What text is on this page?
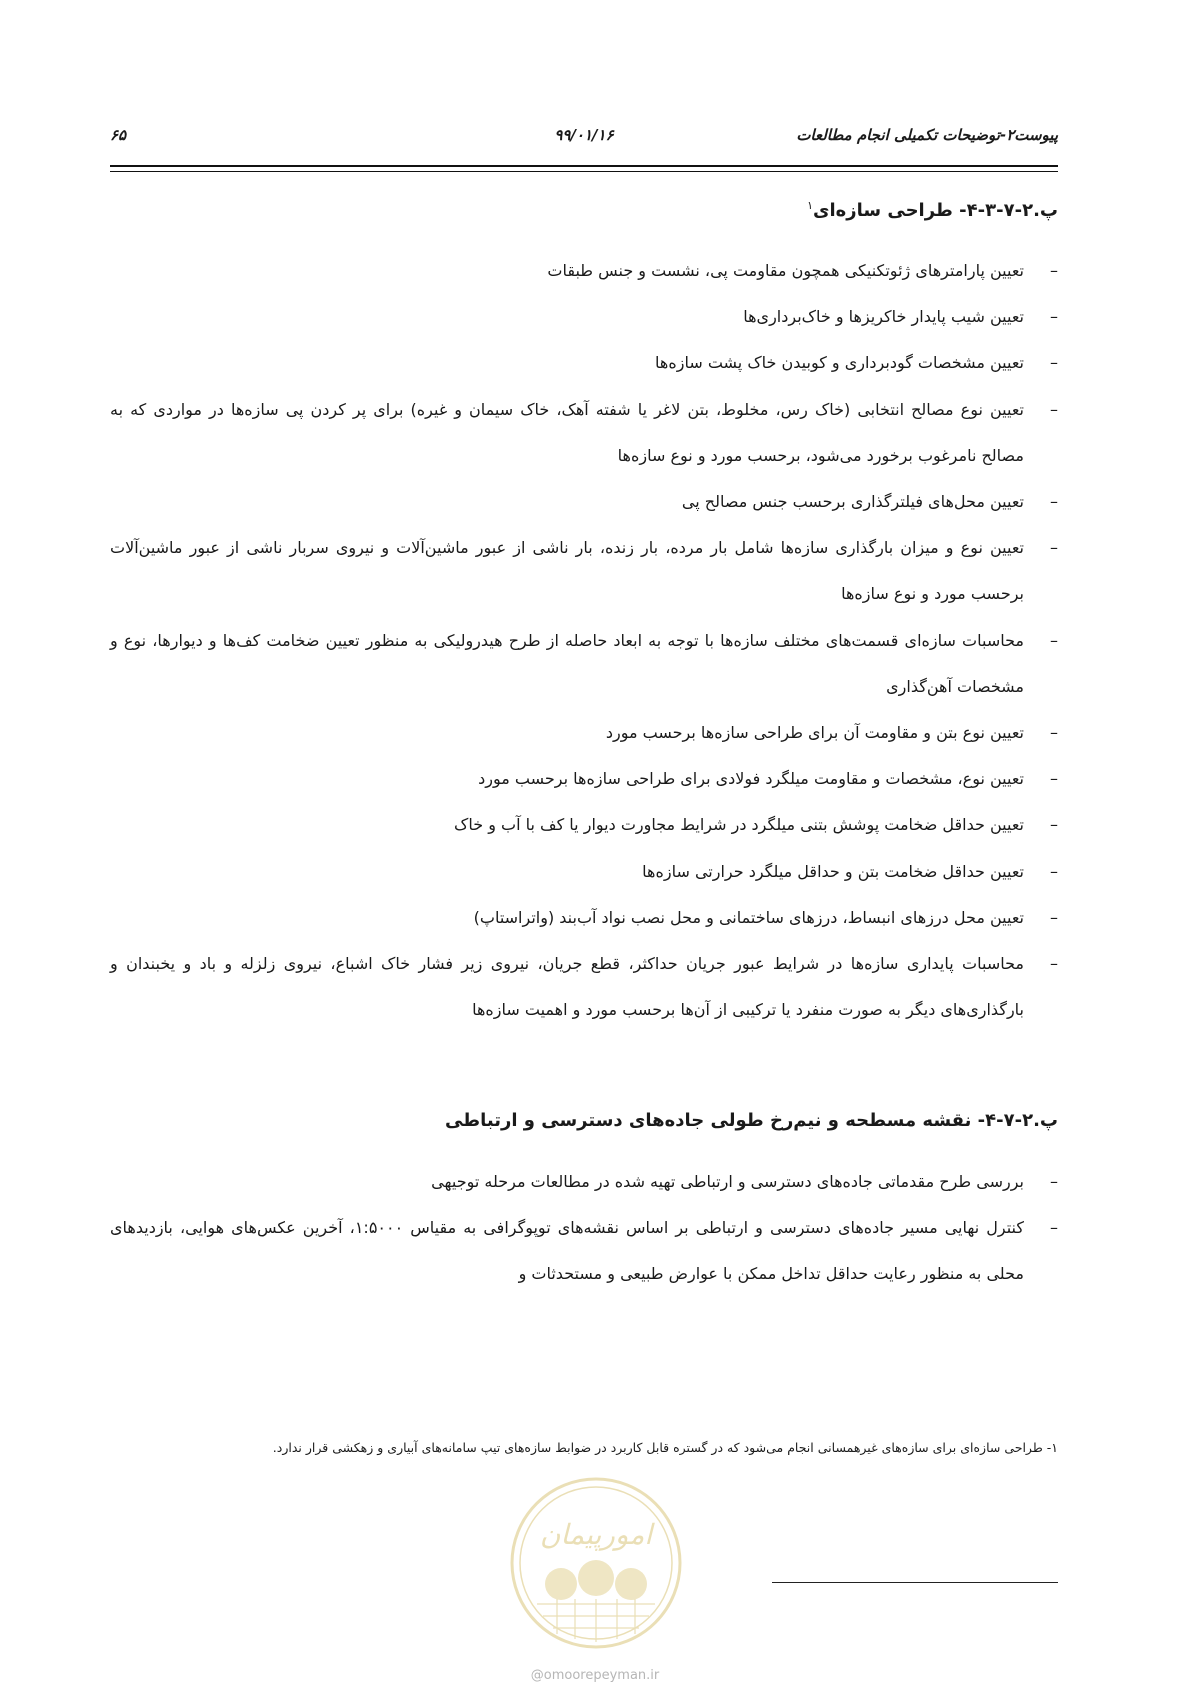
پیوست۲-توضیحات تکمیلی انجام مطالعات
۹۹/۰۱/۱۶
۶۵
پ.۲-۷-۳-۴- طراحی سازه‌ای$^۱$
–
تعیین پارامترهای ژئوتکنیکی همچون مقاومت پی، نشست و جنس طبقات
–
تعیین شیب پایدار خاکریزها و خاک‌برداری‌ها
–
تعیین مشخصات گودبرداری و کوبیدن خاک پشت سازه‌ها
–
تعیین نوع مصالح انتخابی (خاک رس، مخلوط، بتن لاغر یا شفته آهک، خاک سیمان و غیره) برای پر کردن پی سازه‌ها در مواردی که به مصالح نامرغوب برخورد می‌شود، برحسب مورد و نوع سازه‌ها
–
تعیین محل‌های فیلترگذاری برحسب جنس مصالح پی
–
تعیین نوع و میزان بارگذاری سازه‌ها شامل بار مرده، بار زنده، بار ناشی از عبور ماشین‌آلات و نیروی سربار ناشی از عبور ماشین‌آلات برحسب مورد و نوع سازه‌ها
–
محاسبات سازه‌ای قسمت‌های مختلف سازه‌ها با توجه به ابعاد حاصله از طرح هیدرولیکی به منظور تعیین ضخامت کف‌ها و دیوارها، نوع و مشخصات آهن‌گذاری
–
تعیین نوع بتن و مقاومت آن برای طراحی سازه‌ها برحسب مورد
–
تعیین نوع، مشخصات و مقاومت میلگرد فولادی برای طراحی سازه‌ها برحسب مورد
–
تعیین حداقل ضخامت پوشش بتنی میلگرد در شرایط مجاورت دیوار یا کف با آب و خاک
–
تعیین حداقل ضخامت بتن و حداقل میلگرد حرارتی سازه‌ها
–
تعیین محل درزهای انبساط، درزهای ساختمانی و محل نصب نواد آب‌بند (واتراستاپ)
–
محاسبات پایداری سازه‌ها در شرایط عبور جریان حداکثر، قطع جریان، نیروی زیر فشار خاک اشباع، نیروی زلزله و باد و یخبندان و بارگذاری‌های دیگر به صورت منفرد یا ترکیبی از آن‌ها برحسب مورد و اهمیت سازه‌ها
پ.۲-۷-۴- نقشه مسطحه و نیم‌رخ طولی جاده‌های دسترسی و ارتباطی
–
بررسی طرح مقدماتی جاده‌های دسترسی و ارتباطی تهیه شده در مطالعات مرحله توجیهی
–
کنترل نهایی مسیر جاده‌های دسترسی و ارتباطی بر اساس نقشه‌های توپوگرافی به مقیاس ۱:۵۰۰۰، آخرین عکس‌های هوایی، بازدیدهای محلی به منظور رعایت حداقل تداخل ممکن با عوارض طبیعی و مستحدثات و
۱- طراحی سازه‌ای برای سازه‌های غیرهمسانی انجام می‌شود که در گستره قابل کاربرد در ضوابط سازه‌های تیپ سامانه‌های آبیاری و زهکشی قرار ندارد.
امورپیمان
@omoorepeyman.ir
